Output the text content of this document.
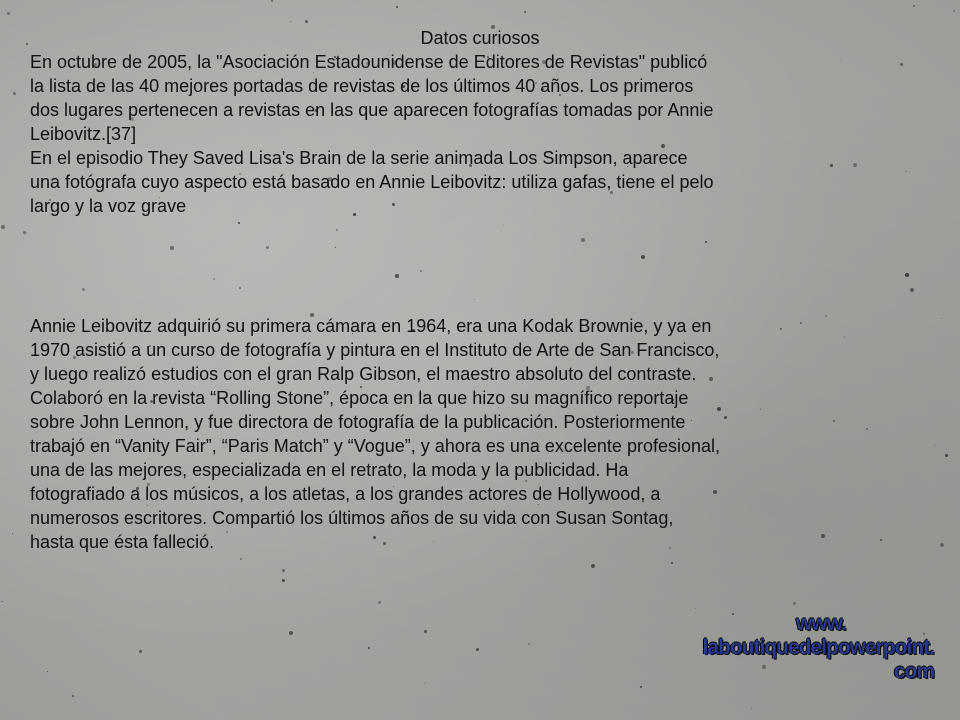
Datos curiosos
En octubre de 2005, la "Asociación Estadounidense de Editores de Revistas" publicó
la lista de las 40 mejores portadas de revistas de los últimos 40 años. Los primeros
dos lugares pertenecen a revistas en las que aparecen fotografías tomadas por Annie
Leibovitz.[37]
En el episodio They Saved Lisa's Brain de la serie animada Los Simpson, aparece
una fotógrafa cuyo aspecto está basado en Annie Leibovitz: utiliza gafas, tiene el pelo
largo y la voz grave
Annie Leibovitz adquirió su primera cámara en 1964, era una Kodak Brownie, y ya en
1970 asistió a un curso de fotografía y pintura en el Instituto de Arte de San Francisco,
y luego realizó estudios con el gran Ralp Gibson, el maestro absoluto del contraste.
Colaboró en la revista “Rolling Stone”, época en la que hizo su magnífico reportaje
sobre John Lennon, y fue directora de fotografía de la publicación. Posteriormente
trabajó en “Vanity Fair”, “Paris Match” y “Vogue”, y ahora es una excelente profesional,
una de las mejores, especializada en el retrato, la moda y la publicidad. Ha
fotografiado a los músicos, a los atletas, a los grandes actores de Hollywood, a
numerosos escritores. Compartió los últimos años de su vida con Susan Sontag,
hasta que ésta falleció.
www.
laboutiquedelpowerpoint.
com
